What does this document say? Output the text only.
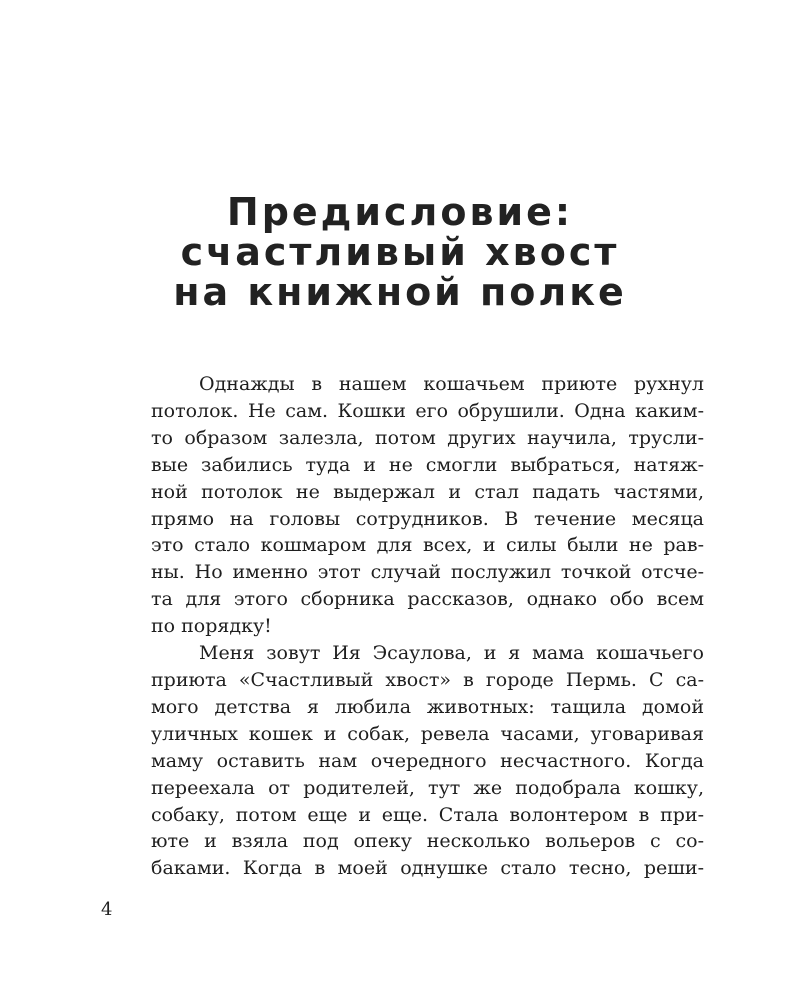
Предисловие:
счастливый хвост
на книжной полке
Однажды в нашем кошачьем приюте рухнул
потолок. Не сам. Кошки его обрушили. Одна каким-
то образом залезла, потом других научила, трусли-
вые забились туда и не смогли выбраться, натяж-
ной потолок не выдержал и стал падать частями,
прямо на головы сотрудников. В течение месяца
это стало кошмаром для всех, и силы были не рав-
ны. Но именно этот случай послужил точкой отсче-
та для этого сборника рассказов, однако обо всем
по порядку!
Меня зовут Ия Эсаулова, и я мама кошачьего
приюта «Счастливый хвост» в городе Пермь. С са-
мого детства я любила животных: тащила домой
уличных кошек и собак, ревела часами, уговаривая
маму оставить нам очередного несчастного. Когда
переехала от родителей, тут же подобрала кошку,
собаку, потом еще и еще. Стала волонтером в при-
юте и взяла под опеку несколько вольеров с со-
баками. Когда в моей однушке стало тесно, реши-
4
